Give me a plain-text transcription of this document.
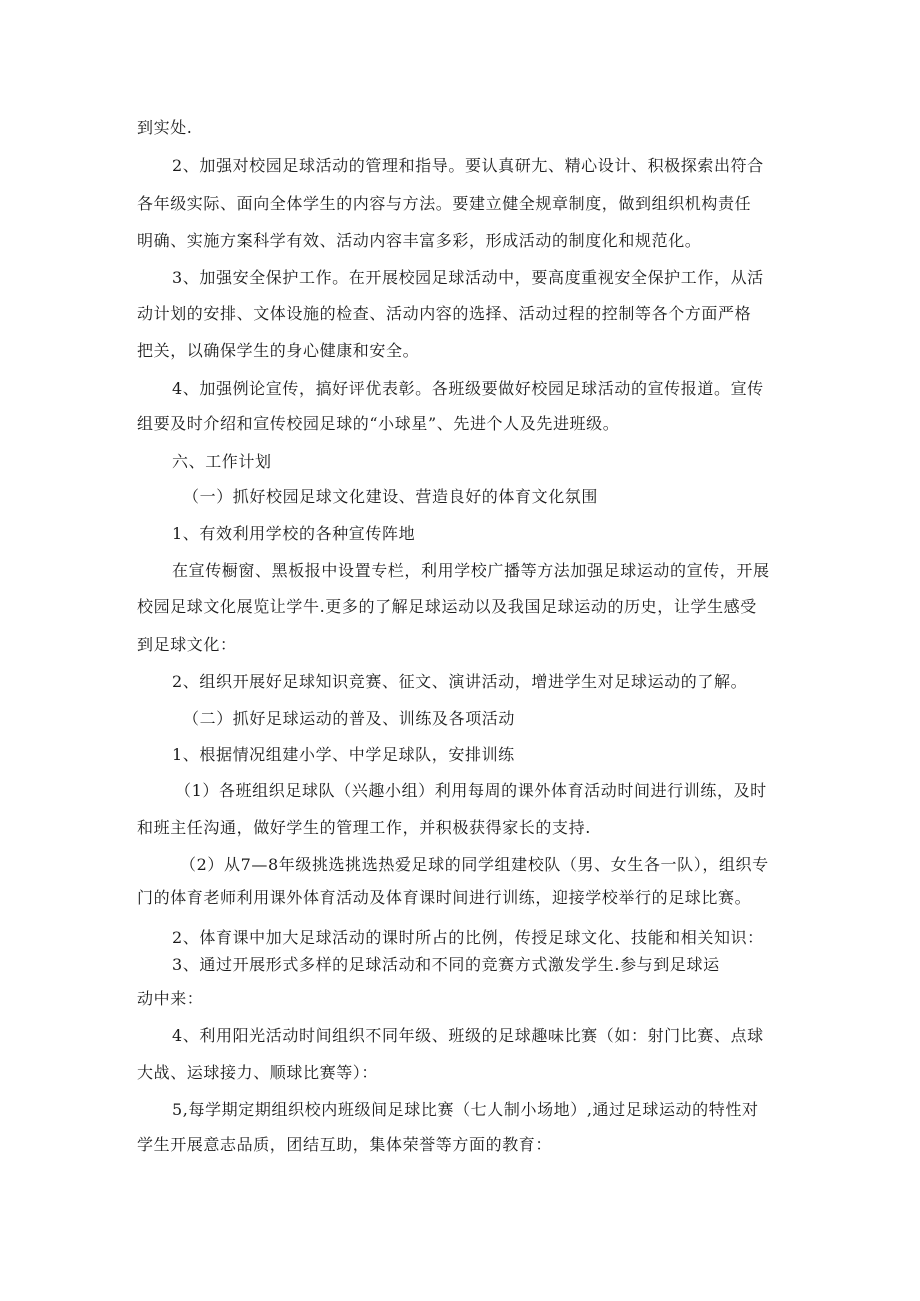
到实处.
2、加强对校园足球活动的管理和指导。要认真研尢、精心设计、积极探索出符合
各年级实际、面向全体学生的内容与方法。要建立健全规章制度，做到组织机构责任
明确、实施方案科学有效、活动内容丰富多彩，形成活动的制度化和规范化。
3、加强安全保护工作。在开展校园足球活动中，要高度重视安全保护工作，从活
动计划的安排、文体设施的检查、活动内容的选择、活动过程的控制等各个方面严格
把关，以确保学生的身心健康和安全。
4、加强例论宣传，搞好评优表彰。各班级要做好校园足球活动的宣传报道。宣传
组要及时介绍和宣传校园足球的“小球星”、先进个人及先进班级。
六、工作计划
（一）抓好校园足球文化建设、营造良好的体育文化氛围
1、有效利用学校的各种宣传阵地
在宣传橱窗、黑板报中设置专栏，利用学校广播等方法加强足球运动的宣传，开展
校园足球文化展览让学牛.更多的了解足球运动以及我国足球运动的历史，让学生感受
到足球文化：
2、组织开展好足球知识竞赛、征文、演讲活动，增进学生对足球运动的了解。
（二）抓好足球运动的普及、训练及各项活动
1、根据情况组建小学、中学足球队，安排训练
（1）各班组织足球队（兴趣小组）利用每周的课外体育活动时间进行训练，及时
和班主任沟通，做好学生的管理工作，并积极获得家长的支持.
（2）从7—8年级挑选挑选热爱足球的同学组建校队（男、女生各一队），组织专
门的体育老师利用课外体育活动及体育课时间进行训练，迎接学校举行的足球比赛。
2、体育课中加大足球活动的课时所占的比例，传授足球文化、技能和相关知识：
3、通过开展形式多样的足球活动和不同的竞赛方式激发学生.参与到足球运
动中来：
4、利用阳光活动时间组织不同年级、班级的足球趣味比赛（如：射门比赛、点球
大战、运球接力、顺球比赛等）：
5,每学期定期组织校内班级间足球比赛（七人制小场地）,通过足球运动的特性对
学生开展意志品质，团结互助，集体荣誉等方面的教育：
